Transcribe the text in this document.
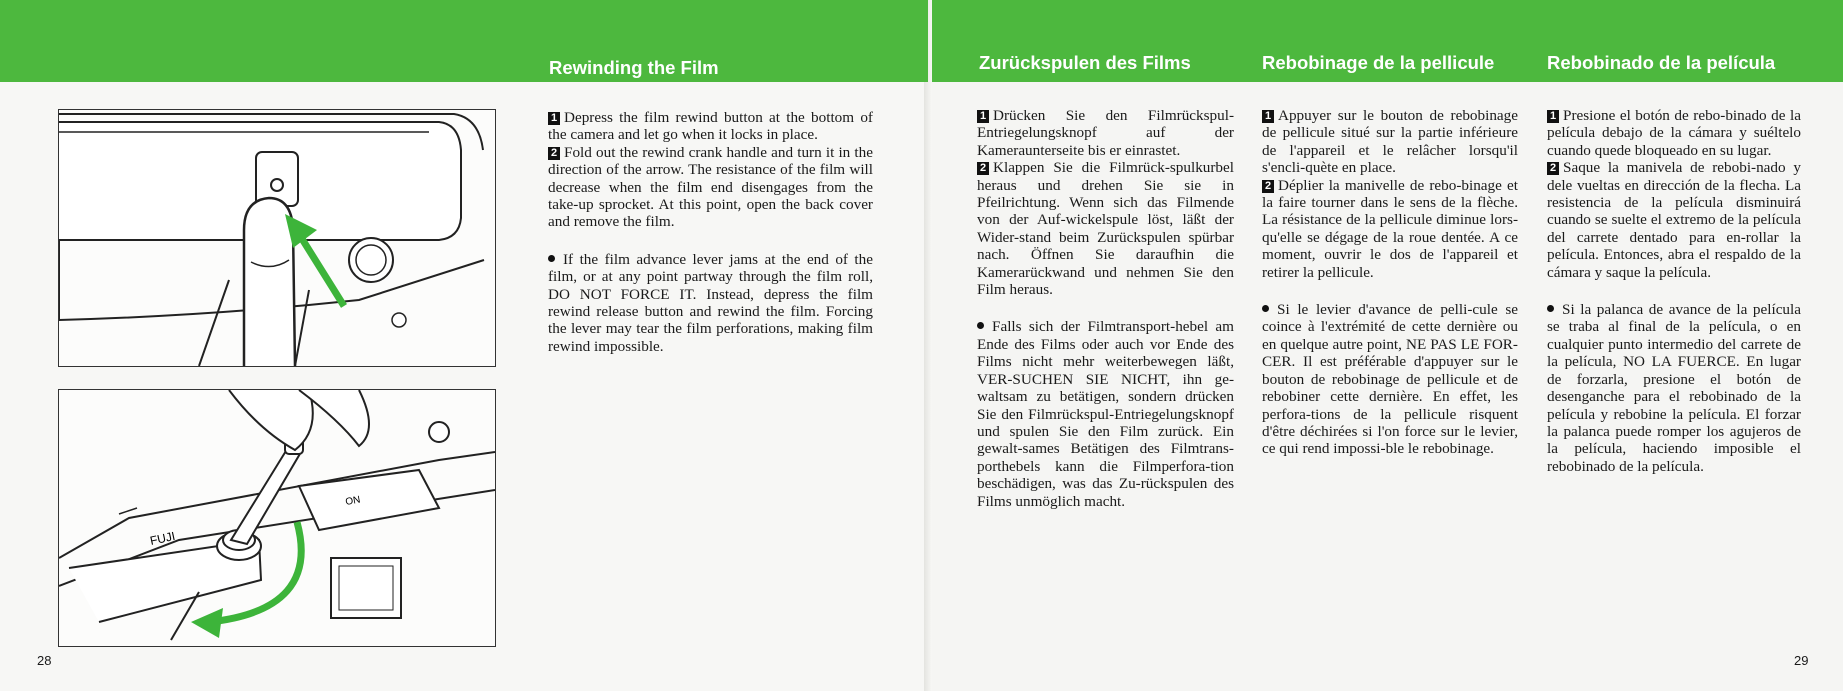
Rewinding the Film	Zurückspulen des Films	Rebobinage de la pellicule	Rebobinado de la película
FUJI
ON

1 Depress the film rewind button at the bottom of the camera and let go when it locks in place.

2 Fold out the rewind crank handle and turn it in the direction of the arrow. The resistance of the film will decrease when the film end disengages from the take-up sprocket. At this point, open the back cover and remove the film.

If the film advance lever jams at the end of the film, or at any point partway through the film roll, DO NOT FORCE IT. Instead, depress the film rewind release button and rewind the film. Forcing the lever may tear the film perforations, making film rewind impossible.

1 Drücken Sie den Filmrückspul-Entriegelungsknopf auf der Kameraunterseite bis er einrastet.

2 Klappen Sie die Filmrück-spulkurbel heraus und drehen Sie sie in Pfeilrichtung. Wenn sich das Filmende von der Auf-wickelspule löst, läßt der Wider-stand beim Zurückspulen spürbar nach. Öffnen Sie daraufhin die Kamerarückwand und nehmen Sie den Film heraus.

Falls sich der Filmtransport-hebel am Ende des Films oder auch vor Ende des Films nicht mehr weiterbewegen läßt, VER-SUCHEN SIE NICHT, ihn ge-waltsam zu betätigen, sondern drücken Sie den Filmrückspul-Entriegelungsknopf und spulen Sie den Film zurück. Ein gewalt-sames Betätigen des Filmtrans-porthebels kann die Filmperfora-tion beschädigen, was das Zu-rückspulen des Films unmöglich macht.

1 Appuyer sur le bouton de rebobinage de pellicule situé sur la partie inférieure de l'appareil et le relâcher lorsqu'il s'encli-quète en place.

2 Déplier la manivelle de rebo-binage et la faire tourner dans le sens de la flèche. La résistance de la pellicule diminue lors-qu'elle se dégage de la roue dentée. A ce moment, ouvrir le dos de l'appareil et retirer la pellicule.

Si le levier d'avance de pelli-cule se coince à l'extrémité de cette dernière ou en quelque autre point, NE PAS LE FOR-CER. Il est préférable d'appuyer sur le bouton de rebobinage de pellicule et de rebobiner cette dernière. En effet, les perfora-tions de la pellicule risquent d'être déchirées si l'on force sur le levier, ce qui rend impossi-ble le rebobinage.

1 Presione el botón de rebo-binado de la película debajo de la cámara y suéltelo cuando quede bloqueado en su lugar.

2 Saque la manivela de rebobi-nado y dele vueltas en dirección de la flecha. La resistencia de la película disminuirá cuando se suelte el extremo de la película del carrete dentado para en-rollar la película. Entonces, abra el respaldo de la cámara y saque la película.

Si la palanca de avance de la película se traba al final de la película, o en cualquier punto intermedio del carrete de la película, NO LA FUERCE. En lugar de forzarla, presione el botón de desenganche para el rebobinado de la película y rebobine la película. El forzar la palanca puede romper los agujeros de la película, haciendo imposible el rebobinado de la película.

28	29
